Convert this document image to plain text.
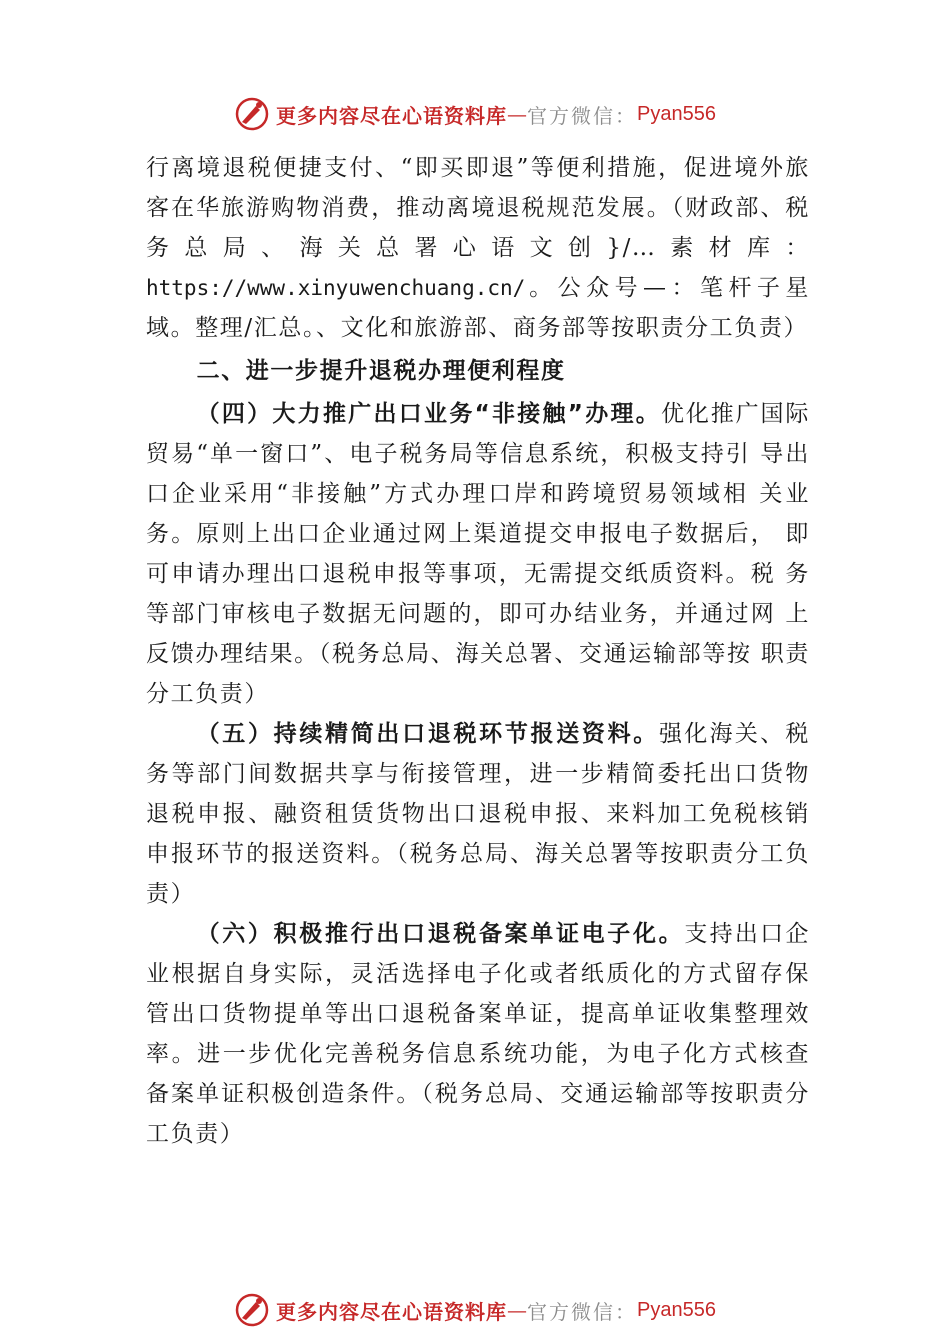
更多内容尽在心语资料库 — 官方微信： Pyan556

行离境退税便捷支付、“即买即退”等便利措施，促进境外旅客在华旅游购物消费，推动离境退税规范发展。（财政部、税务总局、海关总署心语文创}/…素材库：https://www.xinyuwenchuang.cn/。公众号—：笔杆子星域。整理/汇总。、文化和旅游部、商务部等按职责分工负责）

二、进一步提升退税办理便利程度

（四）大力推广出口业务“非接触”办理。优化推广国际贸易“单一窗口”、电子税务局等信息系统，积极支持引 导出口企业采用“非接触”方式办理口岸和跨境贸易领域相 关业务。原则上出口企业通过网上渠道提交申报电子数据后， 即可申请办理出口退税申报等事项，无需提交纸质资料。税 务等部门审核电子数据无问题的，即可办结业务，并通过网 上反馈办理结果。（税务总局、海关总署、交通运输部等按 职责分工负责）

（五）持续精简出口退税环节报送资料。强化海关、税务等部门间数据共享与衔接管理，进一步精简委托出口货物退税申报、融资租赁货物出口退税申报、来料加工免税核销申报环节的报送资料。（税务总局、海关总署等按职责分工负责）

（六）积极推行出口退税备案单证电子化。支持出口企业根据自身实际，灵活选择电子化或者纸质化的方式留存保管出口货物提单等出口退税备案单证，提高单证收集整理效率。进一步优化完善税务信息系统功能，为电子化方式核查备案单证积极创造条件。（税务总局、交通运输部等按职责分工负责）

更多内容尽在心语资料库 — 官方微信： Pyan556
